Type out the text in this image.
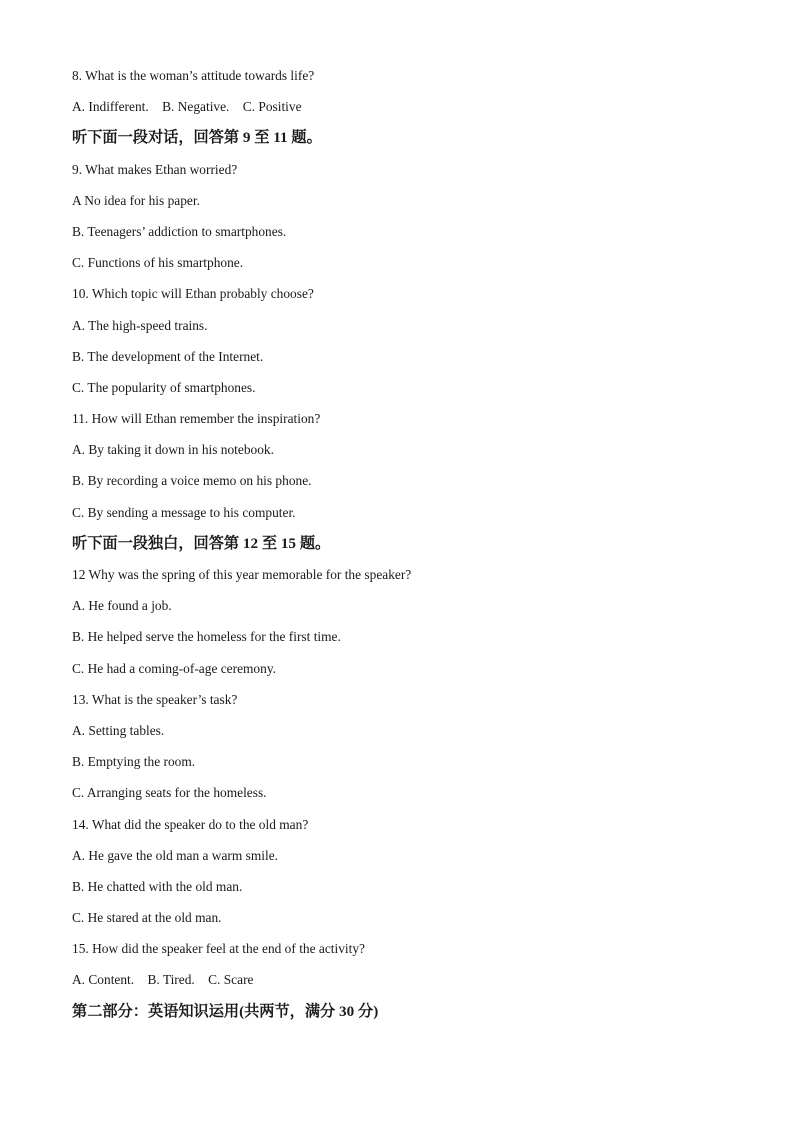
8. What is the woman’s attitude towards life?
A. Indifferent. B. Negative. C. Positive
听下面一段对话，回答第 9 至 11 题。
9. What makes Ethan worried?
A No idea for his paper.
B. Teenagers’ addiction to smartphones.
C. Functions of his smartphone.
10. Which topic will Ethan probably choose?
A. The high-speed trains.
B. The development of the Internet.
C. The popularity of smartphones.
11. How will Ethan remember the inspiration?
A. By taking it down in his notebook.
B. By recording a voice memo on his phone.
C. By sending a message to his computer.
听下面一段独白，回答第 12 至 15 题。
12 Why was the spring of this year memorable for the speaker?
A. He found a job.
B. He helped serve the homeless for the first time.
C. He had a coming-of-age ceremony.
13. What is the speaker’s task?
A. Setting tables.
B. Emptying the room.
C. Arranging seats for the homeless.
14. What did the speaker do to the old man?
A. He gave the old man a warm smile.
B. He chatted with the old man.
C. He stared at the old man.
15. How did the speaker feel at the end of the activity?
A. Content. B. Tired. C. Scare
第二部分：英语知识运用(共两节，满分 30 分)
